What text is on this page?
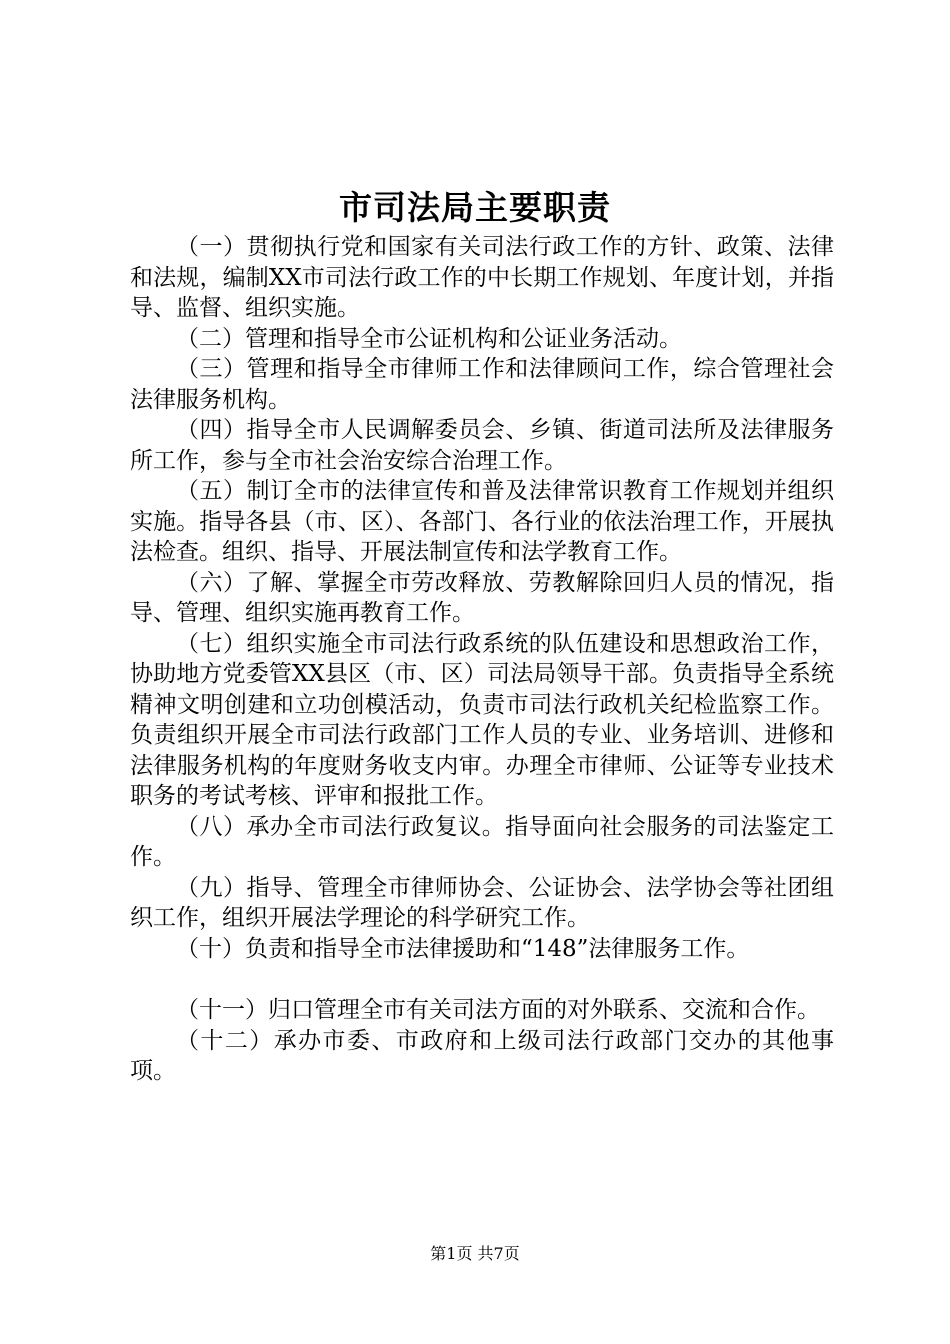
市司法局主要职责

（一）贯彻执行党和国家有关司法行政工作的方针、政策、法律和法规，编制XX市司法行政工作的中长期工作规划、年度计划，并指导、监督、组织实施。

（二）管理和指导全市公证机构和公证业务活动。

（三）管理和指导全市律师工作和法律顾问工作，综合管理社会法律服务机构。

（四）指导全市人民调解委员会、乡镇、街道司法所及法律服务所工作，参与全市社会治安综合治理工作。

（五）制订全市的法律宣传和普及法律常识教育工作规划并组织实施。指导各县（市、区）、各部门、各行业的依法治理工作，开展执法检查。组织、指导、开展法制宣传和法学教育工作。

（六）了解、掌握全市劳改释放、劳教解除回归人员的情况，指导、管理、组织实施再教育工作。

（七）组织实施全市司法行政系统的队伍建设和思想政治工作，协助地方党委管XX县区（市、区）司法局领导干部。负责指导全系统精神文明创建和立功创模活动，负责市司法行政机关纪检监察工作。负责组织开展全市司法行政部门工作人员的专业、业务培训、进修和法律服务机构的年度财务收支内审。办理全市律师、公证等专业技术职务的考试考核、评审和报批工作。

（八）承办全市司法行政复议。指导面向社会服务的司法鉴定工作。

（九）指导、管理全市律师协会、公证协会、法学协会等社团组织工作，组织开展法学理论的科学研究工作。

（十）负责和指导全市法律援助和“148”法律服务工作。

（十一）归口管理全市有关司法方面的对外联系、交流和合作。

（十二）承办市委、市政府和上级司法行政部门交办的其他事项。

第1页 共7页
